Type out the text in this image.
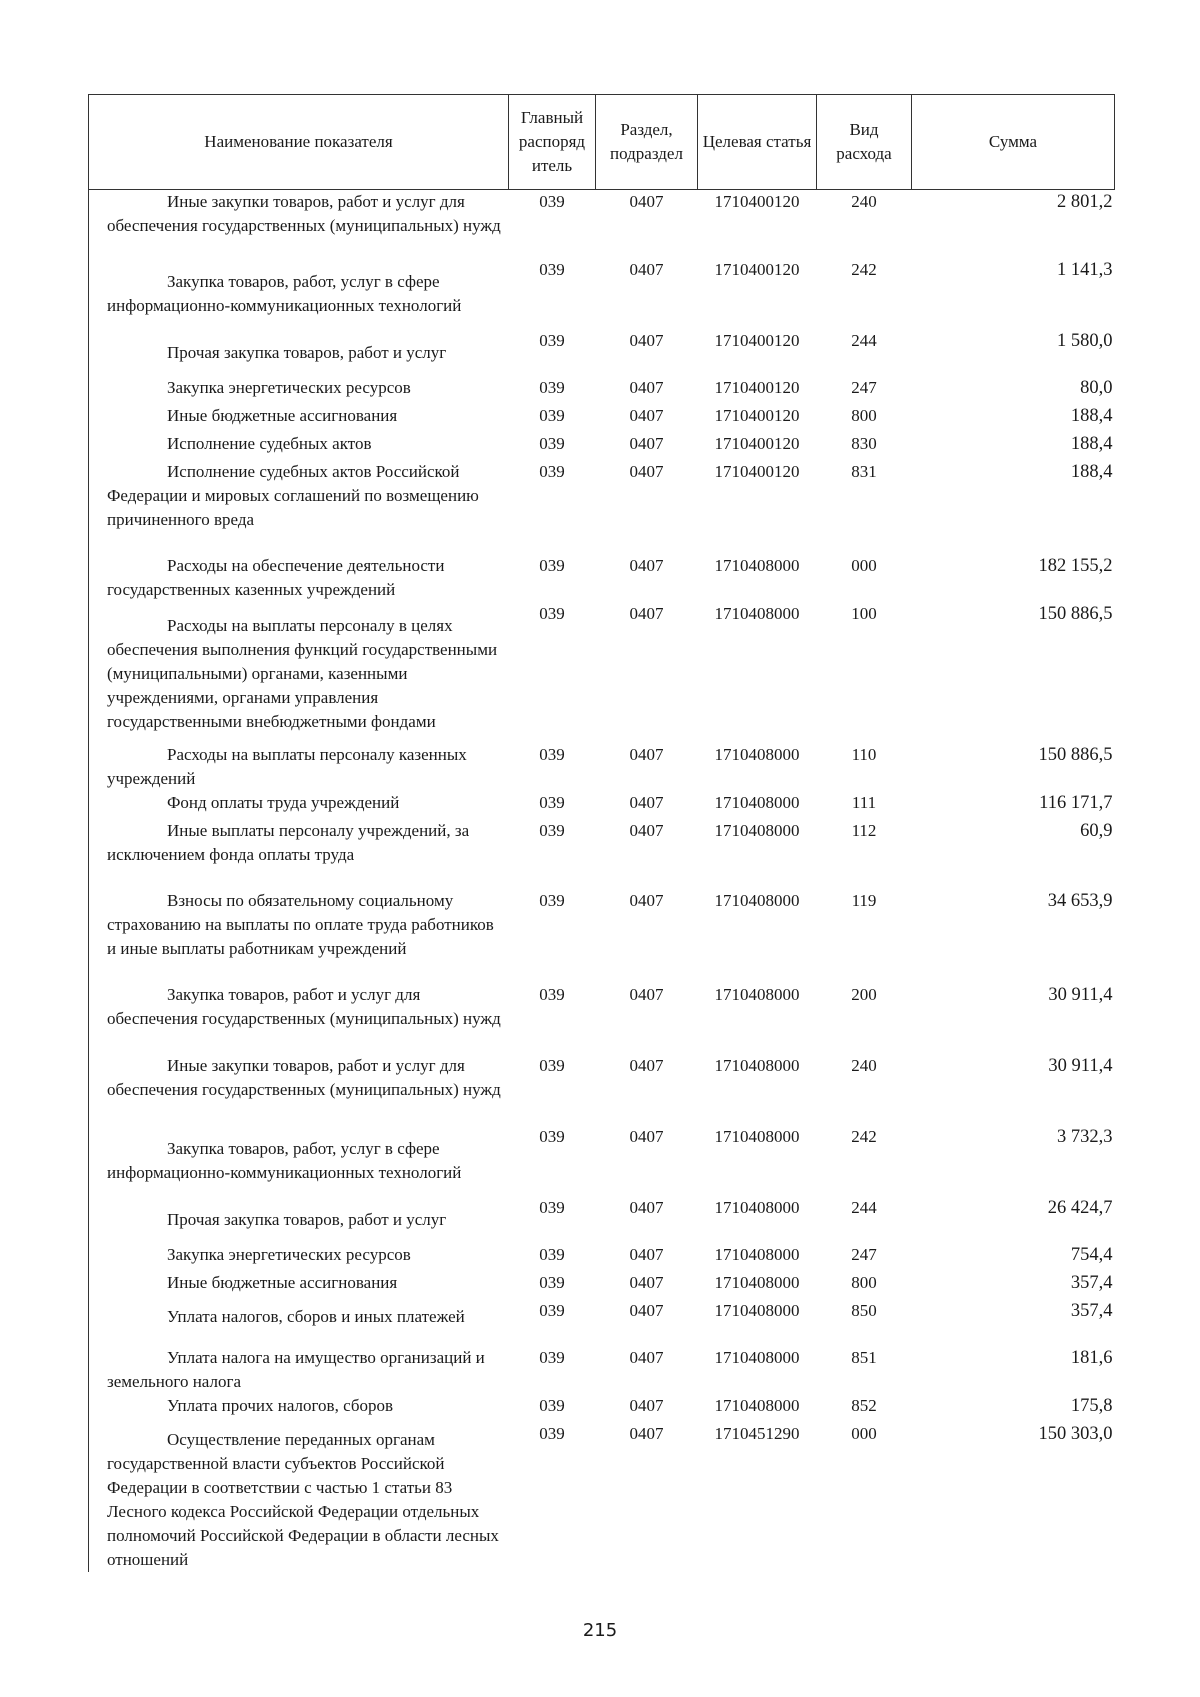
Наименование показателя	Главный распоряд итель	Раздел, подраздел	Целевая статья	Вид расхода	Сумма

Иные закупки товаров, работ и услуг для обеспечения государственных (муниципальных) нужд	039	0407	1710400120	240	2 801,2

Закупка товаров, работ, услуг в сфере информационно-коммуникационных технологий	039	0407	1710400120	242	1 141,3

Прочая закупка товаров, работ и услуг	039	0407	1710400120	244	1 580,0

Закупка энергетических ресурсов	039	0407	1710400120	247	80,0

Иные бюджетные ассигнования	039	0407	1710400120	800	188,4

Исполнение судебных актов	039	0407	1710400120	830	188,4

Исполнение судебных актов Российской Федерации и мировых соглашений по возмещению причиненного вреда	039	0407	1710400120	831	188,4

Расходы на обеспечение деятельности государственных казенных учреждений	039	0407	1710408000	000	182 155,2

Расходы на выплаты персоналу в целях обеспечения выполнения функций государственными (муниципальными) органами, казенными учреждениями, органами управления государственными внебюджетными фондами	039	0407	1710408000	100	150 886,5

Расходы на выплаты персоналу казенных учреждений	039	0407	1710408000	110	150 886,5

Фонд оплаты труда учреждений	039	0407	1710408000	111	116 171,7

Иные выплаты персоналу учреждений, за исключением фонда оплаты труда	039	0407	1710408000	112	60,9

Взносы по обязательному социальному страхованию на выплаты по оплате труда работников и иные выплаты работникам учреждений	039	0407	1710408000	119	34 653,9

Закупка товаров, работ и услуг для обеспечения государственных (муниципальных) нужд	039	0407	1710408000	200	30 911,4

Иные закупки товаров, работ и услуг для обеспечения государственных (муниципальных) нужд	039	0407	1710408000	240	30 911,4

Закупка товаров, работ, услуг в сфере информационно-коммуникационных технологий	039	0407	1710408000	242	3 732,3

Прочая закупка товаров, работ и услуг	039	0407	1710408000	244	26 424,7

Закупка энергетических ресурсов	039	0407	1710408000	247	754,4

Иные бюджетные ассигнования	039	0407	1710408000	800	357,4

Уплата налогов, сборов и иных платежей	039	0407	1710408000	850	357,4

Уплата налога на имущество организаций и земельного налога	039	0407	1710408000	851	181,6

Уплата прочих налогов, сборов	039	0407	1710408000	852	175,8

Осуществление переданных органам государственной власти субъектов Российской Федерации в соответствии с частью 1 статьи 83 Лесного кодекса Российской Федерации отдельных полномочий Российской Федерации в области лесных отношений	039	0407	1710451290	000	150 303,0
215
